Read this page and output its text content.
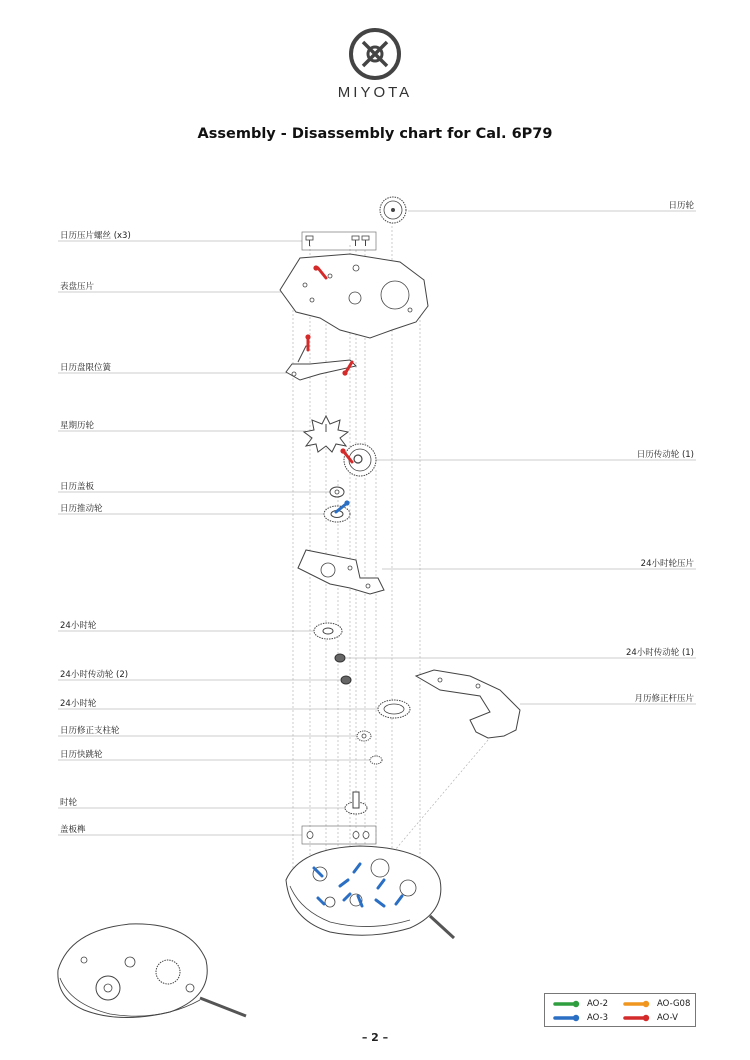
MIYOTA
Assembly - Disassembly chart for Cal. 6P79
日历压片螺丝 (x3)
表盘压片
日历盘限位簧
星期历轮
日历盖板
日历推动轮
24小时轮
24小时传动轮 (2)
24小时轮
日历修正支柱轮
日历快跳轮
时轮
盖板榫
日历轮
日历传动轮 (1)
24小时轮压片
24小时传动轮 (1)
月历修正杆压片
AO-2	AO-G08
AO-3	AO-V
– 2 –
